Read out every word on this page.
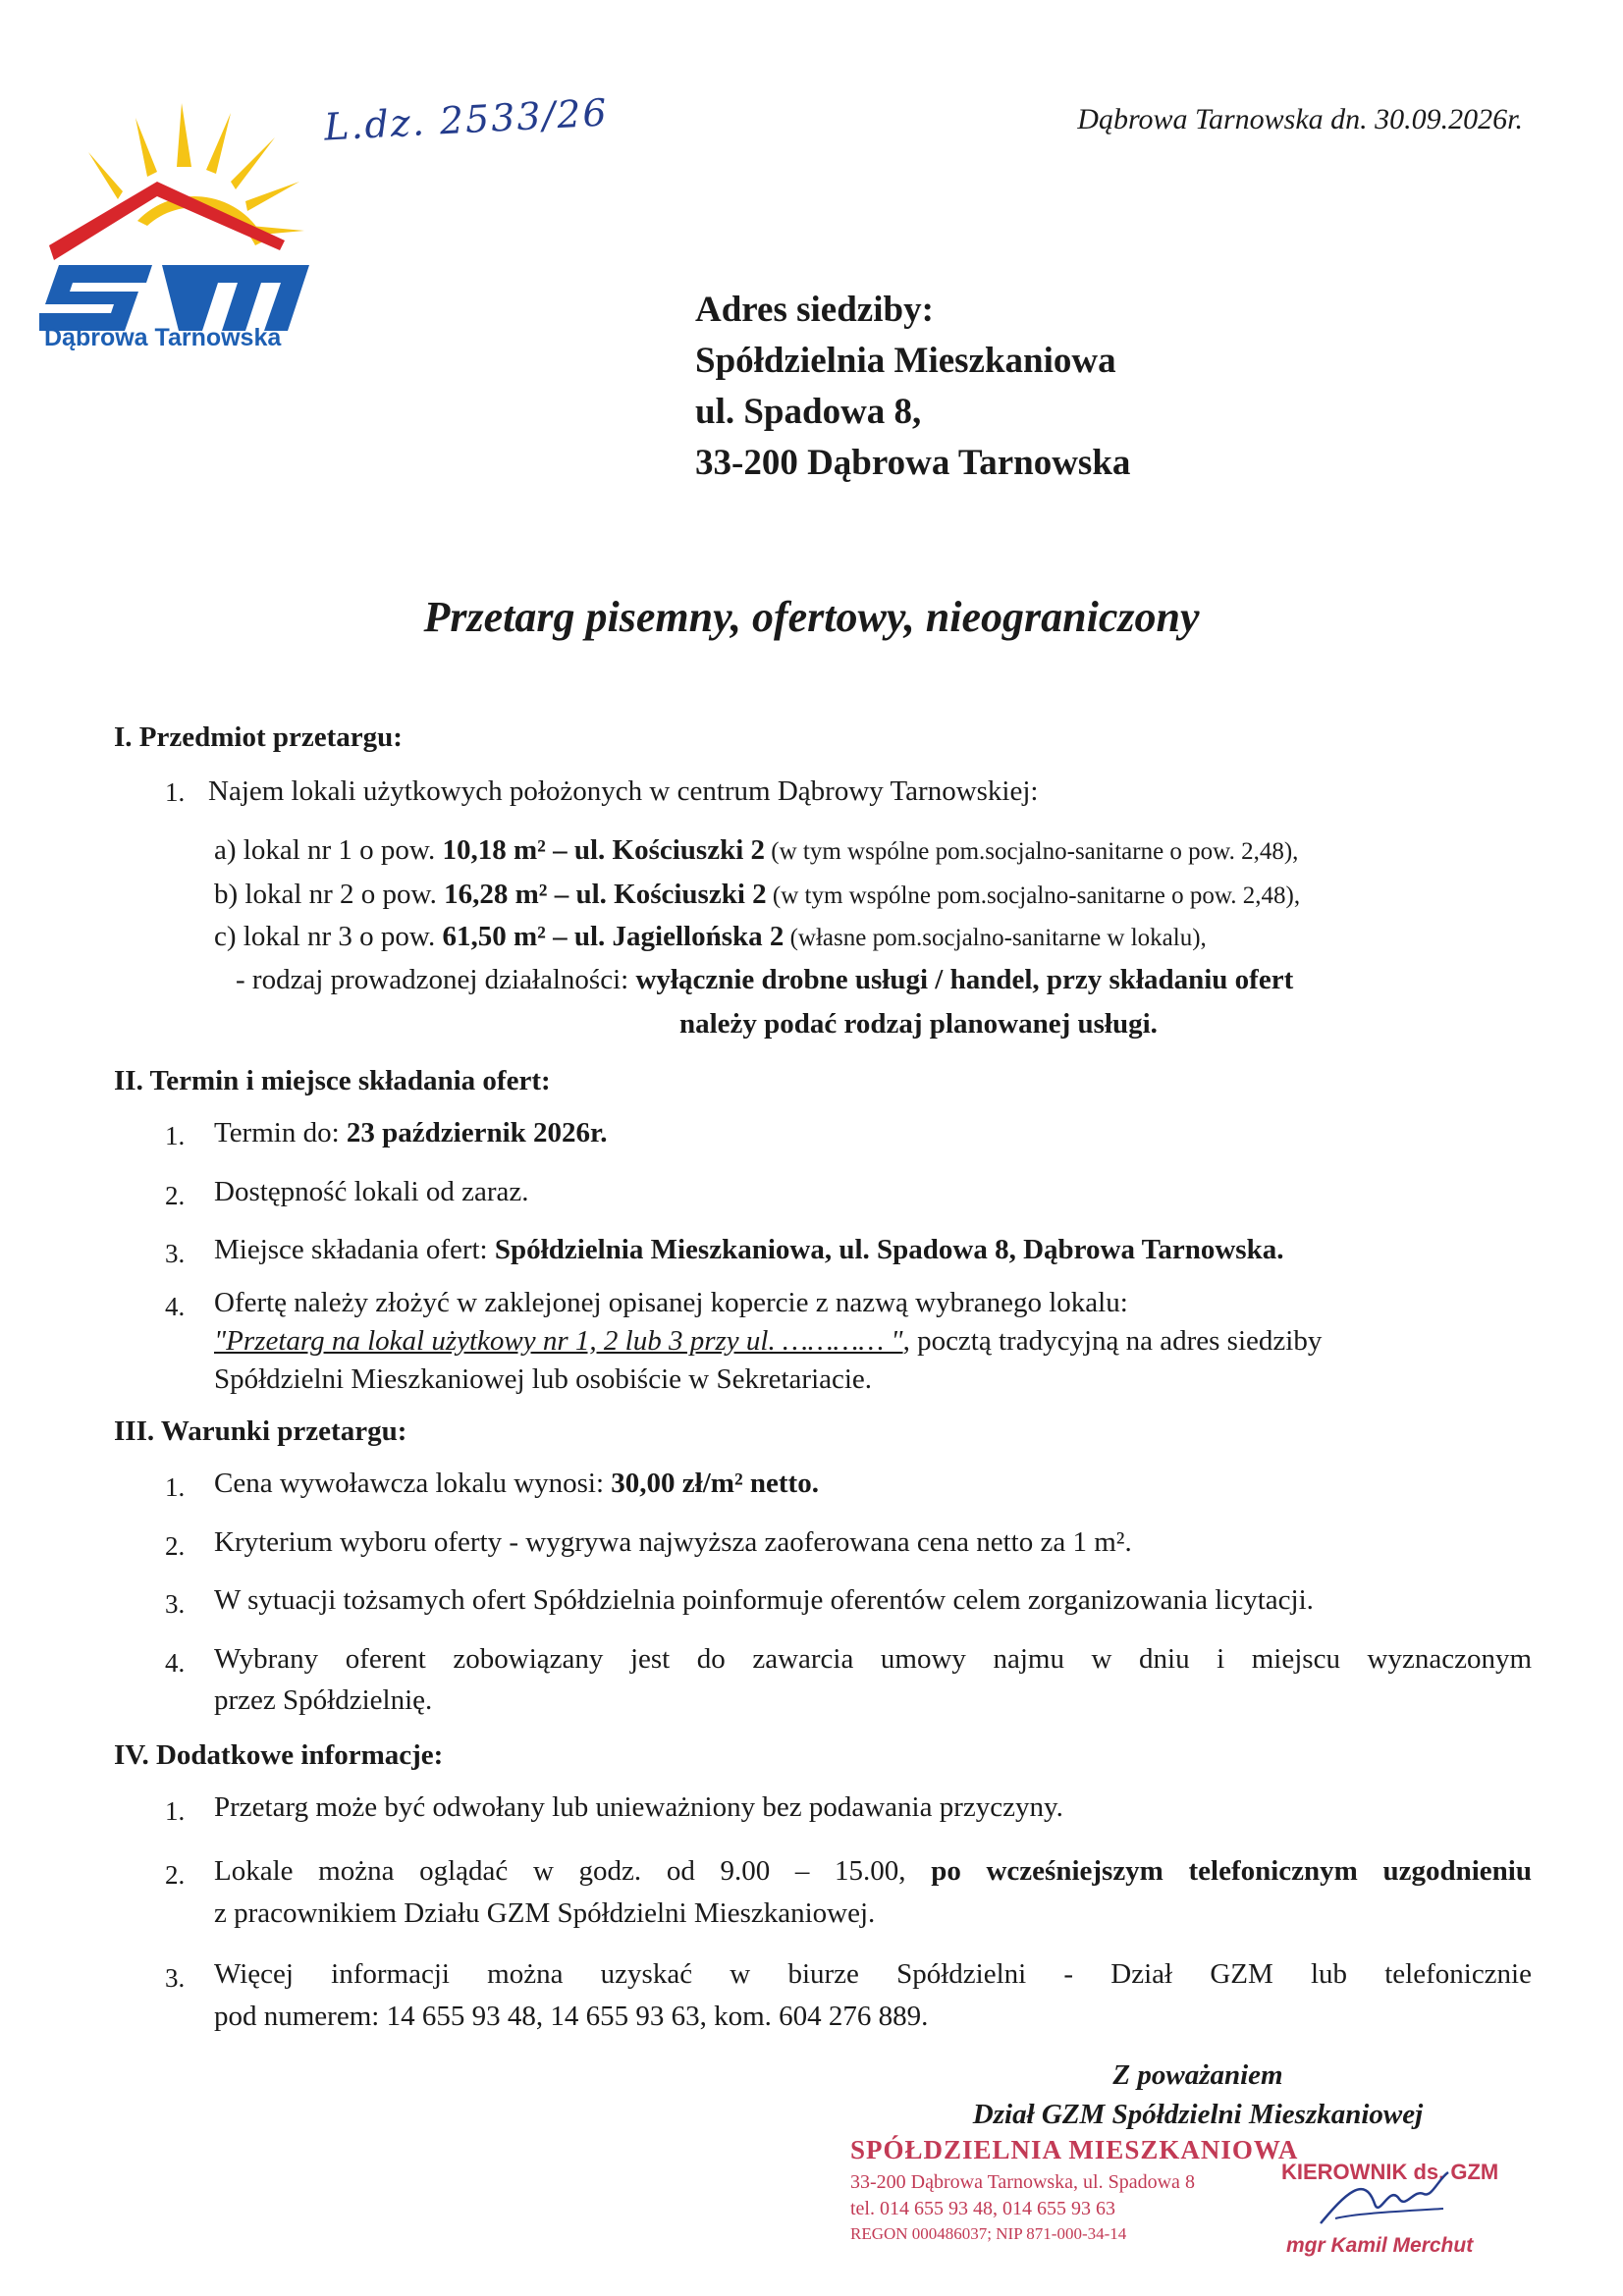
Dąbrowa Tarnowska
L.dz. 2533/26	Dąbrowa Tarnowska dn. 30.09.2026r.
Adres siedziby:
Spółdzielnia Mieszkaniowa
ul. Spadowa 8,
33-200 Dąbrowa Tarnowska
Przetarg pisemny, ofertowy, nieograniczony
I. Przedmiot przetargu:
1. Najem lokali użytkowych położonych w centrum Dąbrowy Tarnowskiej:
a) lokal nr 1 o pow. 10,18 m² – ul. Kościuszki 2 (w tym wspólne pom.socjalno-sanitarne o pow. 2,48),
b) lokal nr 2 o pow. 16,28 m² – ul. Kościuszki 2 (w tym wspólne pom.socjalno-sanitarne o pow. 2,48),
c) lokal nr 3 o pow. 61,50 m² – ul. Jagiellońska 2 (własne pom.socjalno-sanitarne w lokalu),
- rodzaj prowadzonej działalności: wyłącznie drobne usługi / handel, przy składaniu ofert
należy podać rodzaj planowanej usługi.
II. Termin i miejsce składania ofert:
1. Termin do: 23 październik 2026r.
2. Dostępność lokali od zaraz.
3. Miejsce składania ofert: Spółdzielnia Mieszkaniowa, ul. Spadowa 8, Dąbrowa Tarnowska.
4. Ofertę należy złożyć w zaklejonej opisanej kopercie z nazwą wybranego lokalu:
"Przetarg na lokal użytkowy nr 1, 2 lub 3 przy ul. ………… ", pocztą tradycyjną na adres siedziby
Spółdzielni Mieszkaniowej lub osobiście w Sekretariacie.
III. Warunki przetargu:
1. Cena wywoławcza lokalu wynosi: 30,00 zł/m² netto.
2. Kryterium wyboru oferty - wygrywa najwyższa zaoferowana cena netto za 1 m².
3. W sytuacji tożsamych ofert Spółdzielnia poinformuje oferentów celem zorganizowania licytacji.
4. Wybrany oferent zobowiązany jest do zawarcia umowy najmu w dniu i miejscu wyznaczonym
przez Spółdzielnię.
IV. Dodatkowe informacje:
1. Przetarg może być odwołany lub unieważniony bez podawania przyczyny.
2. Lokale można oglądać w godz. od 9.00 – 15.00, po wcześniejszym telefonicznym uzgodnieniu
z pracownikiem Działu GZM Spółdzielni Mieszkaniowej.
3. Więcej informacji można uzyskać w biurze Spółdzielni - Dział GZM lub telefonicznie
pod numerem: 14 655 93 48, 14 655 93 63, kom. 604 276 889.
Z poważaniem
Dział GZM Spółdzielni Mieszkaniowej
SPÓŁDZIELNIA MIESZKANIOWA
33-200 Dąbrowa Tarnowska, ul. Spadowa 8
tel. 014 655 93 48, 014 655 93 63
REGON 000486037; NIP 871-000-34-14
KIEROWNIK ds. GZM
mgr Kamil Merchut
